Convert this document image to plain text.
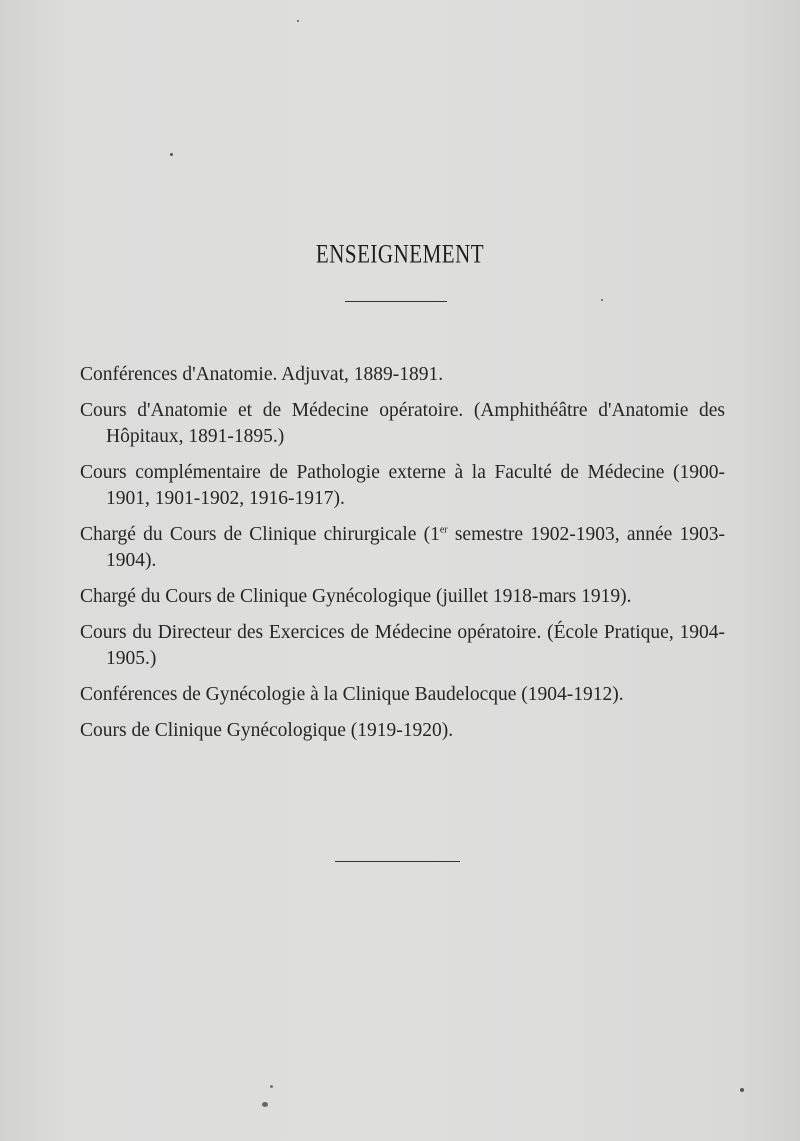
ENSEIGNEMENT
Conférences d'Anatomie. Adjuvat, 1889-1891.
Cours d'Anatomie et de Médecine opératoire. (Amphithéâtre d'Anatomie des Hôpitaux, 1891-1895.)
Cours complémentaire de Pathologie externe à la Faculté de Médecine (1900-1901, 1901-1902, 1916-1917).
Chargé du Cours de Clinique chirurgicale (1er semestre 1902-1903, année 1903-1904).
Chargé du Cours de Clinique Gynécologique (juillet 1918-mars 1919).
Cours du Directeur des Exercices de Médecine opératoire. (École Pratique, 1904-1905.)
Conférences de Gynécologie à la Clinique Baudelocque (1904-1912).
Cours de Clinique Gynécologique (1919-1920).
